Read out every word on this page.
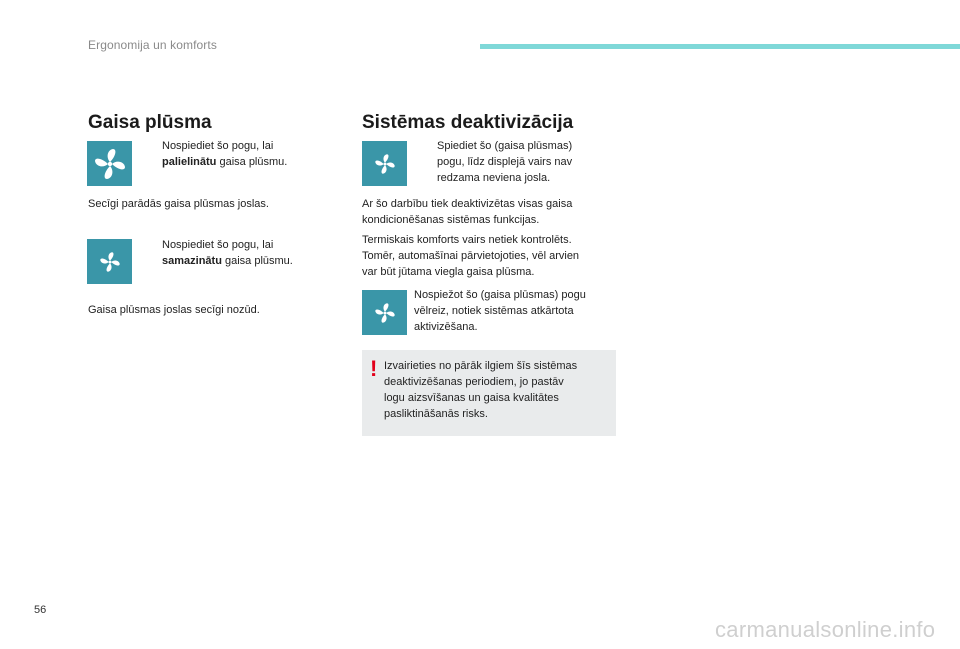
Ergonomija un komforts
Gaisa plūsma
Nospiediet šo pogu, lai
palielinātu gaisa plūsmu.
Secīgi parādās gaisa plūsmas joslas.
Nospiediet šo pogu, lai
samazinātu gaisa plūsmu.
Gaisa plūsmas joslas secīgi nozūd.
Sistēmas deaktivizācija
Spiediet šo (gaisa plūsmas)
pogu, līdz displejā vairs nav
redzama neviena josla.
Ar šo darbību tiek deaktivizētas visas gaisa
kondicionēšanas sistēmas funkcijas.
Termiskais komforts vairs netiek kontrolēts.
Tomēr, automašīnai pārvietojoties, vēl arvien
var būt jūtama viegla gaisa plūsma.
Nospiežot šo (gaisa plūsmas) pogu
vēlreiz, notiek sistēmas atkārtota
aktivizēšana.
! Izvairieties no pārāk ilgiem šīs sistēmas
deaktivizēšanas periodiem, jo pastāv
logu aizsvīšanas un gaisa kvalitātes
pasliktināšanās risks.
56
carmanualsonline.info
